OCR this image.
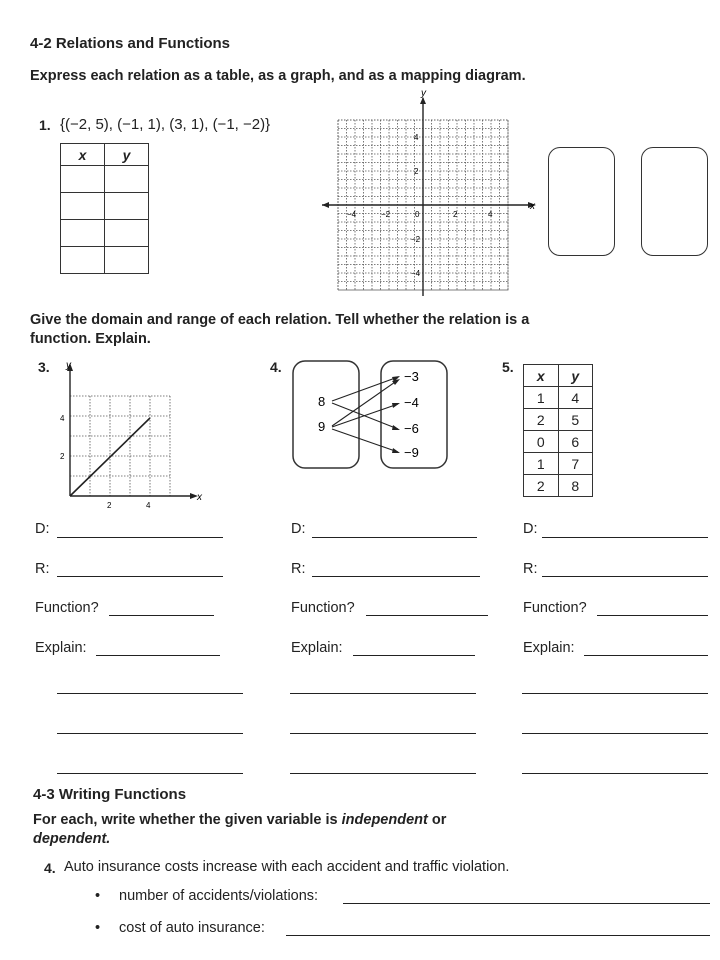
4-2 Relations and Functions
Express each relation as a table, as a graph, and as a mapping diagram.
1. {(−2, 5), (−1, 1), (3, 1), (−1, −2)}
x	y

x
y
−4	−2	0	2	4
4
2
−2
−4
Give the domain and range of each relation. Tell whether the relation is a function. Explain.
3.
x
y
2	4
2
4
4.
8
9
−3
−4
−6
−9
5.
x	y
1	4
2	5
0	6
1	7
2	8
D:
R:
Function?
Explain:
D:
R:
Function?
Explain:
D:
R:
Function?
Explain:
4-3 Writing Functions
For each, write whether the given variable is independent or dependent.
4. Auto insurance costs increase with each accident and traffic violation.
• number of accidents/violations:
• cost of auto insurance:
